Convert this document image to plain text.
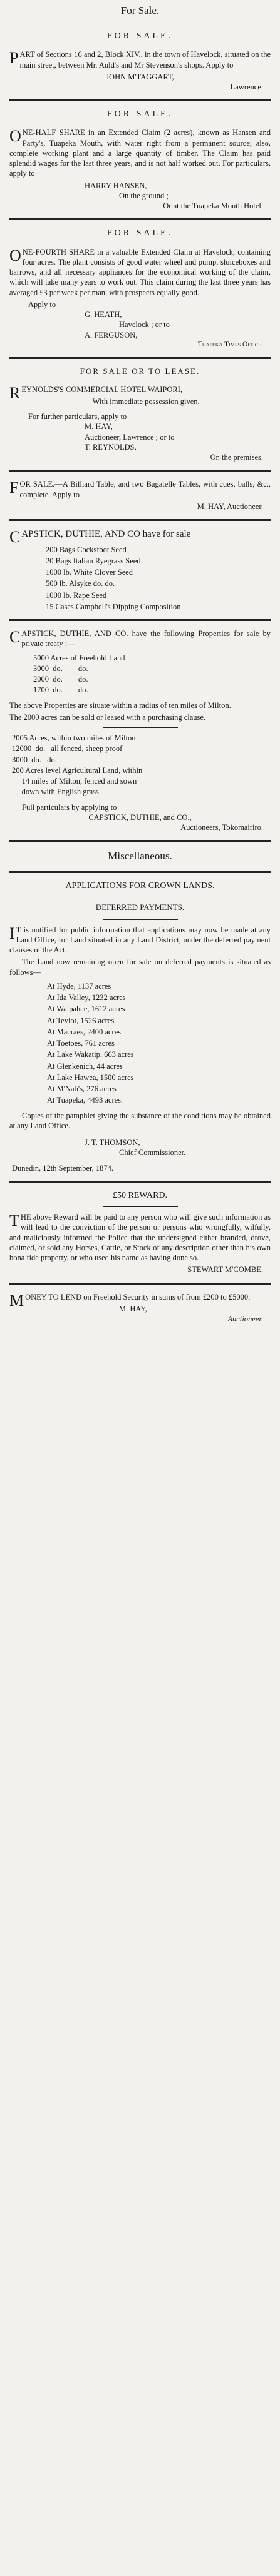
For Sale.
FOR SALE.

PART of Sections 16 and 2, Block XIV., in the town of Havelock, situated on the main street, between Mr. Auld's and Mr Stevenson's shops. Apply to

JOHN M'TAGGART,
Lawrence.
FOR SALE.

ONE-HALF SHARE in an Extended Claim (2 acres), known as Hansen and Party's, Tuapeka Mouth, with water right from a permanent source; also, complete working plant and a large quantity of timber. The Claim has paid splendid wages for the last three years, and is not half worked out. For particulars, apply to

HARRY HANSEN,
On the ground ;
Or at the Tuapeka Mouth Hotel.
FOR SALE.

ONE-FOURTH SHARE in a valuable Extended Claim at Havelock, containing four acres. The plant consists of good water wheel and pump, sluiceboxes and barrows, and all necessary appliances for the economical working of the claim, which will take many years to work out. This claim during the last three years has averaged £3 per week per man, with prospects equally good.

Apply to
G. HEATH,
Havelock ; or to
A. FERGUSON,
Tuapeka Times Office.
FOR SALE OR TO LEASE.

REYNOLDS'S COMMERCIAL HOTEL WAIPORI,

With immediate possession given.
For further particulars, apply to
M. HAY,
Auctioneer, Lawrence ; or to
T. REYNOLDS,
On the premises.

FOR SALE.—A Billiard Table, and two Bagatelle Tables, with cues, balls, &c., complete. Apply to

M. HAY, Auctioneer.

CAPSTICK, DUTHIE, AND CO have for sale

200 Bags Cocksfoot Seed
20 Bags Italian Ryegrass Seed
1000 lb. White Clover Seed
500 lb. Alsyke do. do.
1000 lb. Rape Seed
15 Cases Campbell's Dipping Composition

CAPSTICK, DUTHIE, AND CO. have the following Properties for sale by private treaty :—

5000 Acres of Freehold Land
3000  do.        do.
2000  do.        do.
1700  do.        do.

The above Properties are situate within a radius of ten miles of Milton.

The 2000 acres can be sold or leased with a purchasing clause.

2005 Acres, within two miles of Milton
12000  do.   all fenced, sheep proof
3000  do.   do.
200 Acres level Agricultural Land, within
14 miles of Milton, fenced and sown
down with English grass
Full particulars by applying to
CAPSTICK, DUTHIE, and CO.,
Auctioneers, Tokomairiro.
Miscellaneous.
APPLICATIONS FOR CROWN LANDS.
DEFERRED PAYMENTS.

IT is notified for public information that applications may now be made at any Land Office, for Land situated in any Land District, under the deferred payment clauses of the Act.

The Land now remaining open for sale on deferred payments is situated as follows—

At Hyde, 1137 acres
At Ida Valley, 1232 acres
At Waipahee, 1612 acres
At Teviot, 1526 acres
At Macraes, 2400 acres
At Toetoes, 761 acres
At Lake Wakatip, 663 acres
At Glenkenich, 44 acres
At Lake Hawea, 1500 acres
At M'Nab's, 276 acres
At Tuapeka, 4493 acres.

Copies of the pamphlet giving the substance of the conditions may be obtained at any Land Office.

J. T. THOMSON,
Chief Commissioner.
Dunedin, 12th September, 1874.
£50 REWARD.

THE above Reward will be paid to any person who will give such information as will lead to the conviction of the person or persons who wrongfully, wilfully, and maliciously informed the Police that the undersigned either branded, drove, claimed, or sold any Horses, Cattle, or Stock of any description other than his own bona fide property, or who used his name as having done so.

STEWART M'COMBE.

MONEY TO LEND on Freehold Security in sums of from £200 to £5000.

M. HAY,
Auctioneer.
